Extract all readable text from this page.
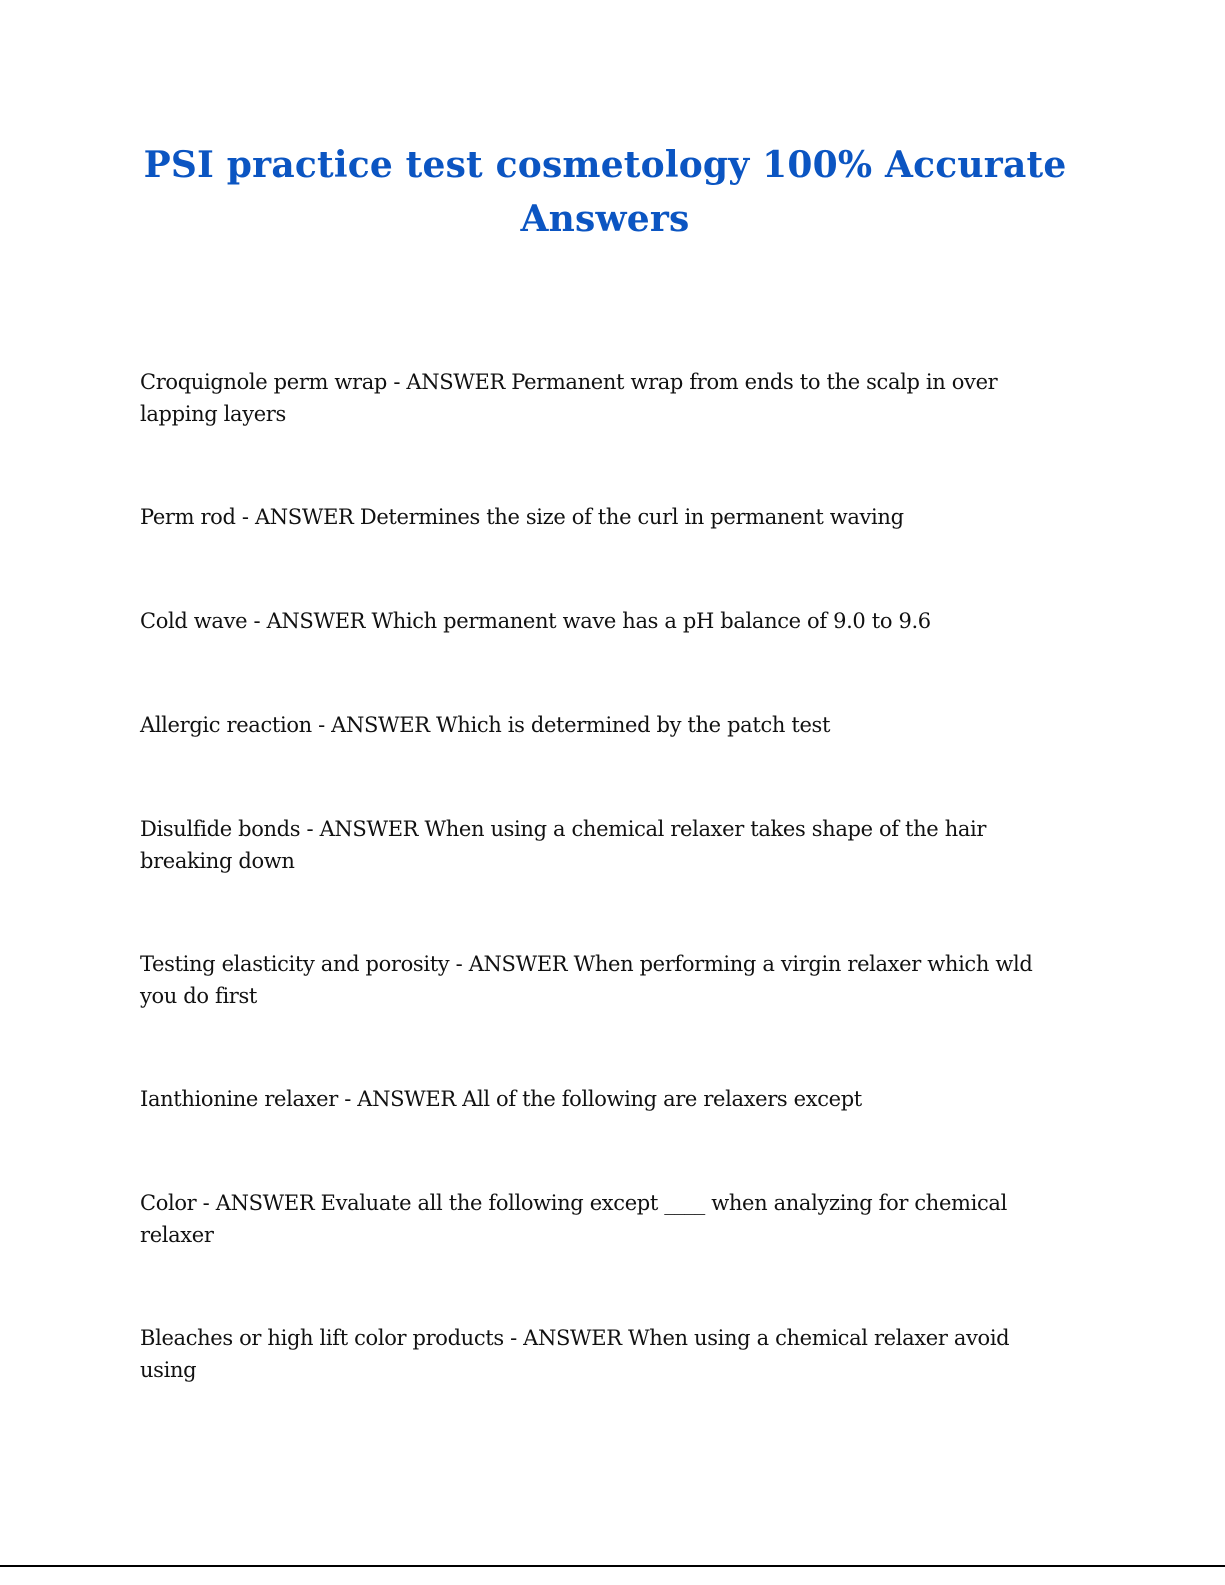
PSI practice test cosmetology 100% Accurate Answers
Croquignole perm wrap - ANSWER Permanent wrap from ends to the scalp in over lapping layers
Perm rod - ANSWER Determines the size of the curl in permanent waving
Cold wave - ANSWER Which permanent wave has a pH balance of 9.0 to 9.6
Allergic reaction - ANSWER Which is determined by the patch test
Disulfide bonds - ANSWER When using a chemical relaxer takes shape of the hair breaking down
Testing elasticity and porosity - ANSWER When performing a virgin relaxer which wld you do first
Ianthionine relaxer - ANSWER All of the following are relaxers except
Color - ANSWER Evaluate all the following except ____ when analyzing for chemical relaxer
Bleaches or high lift color products - ANSWER When using a chemical relaxer avoid using
